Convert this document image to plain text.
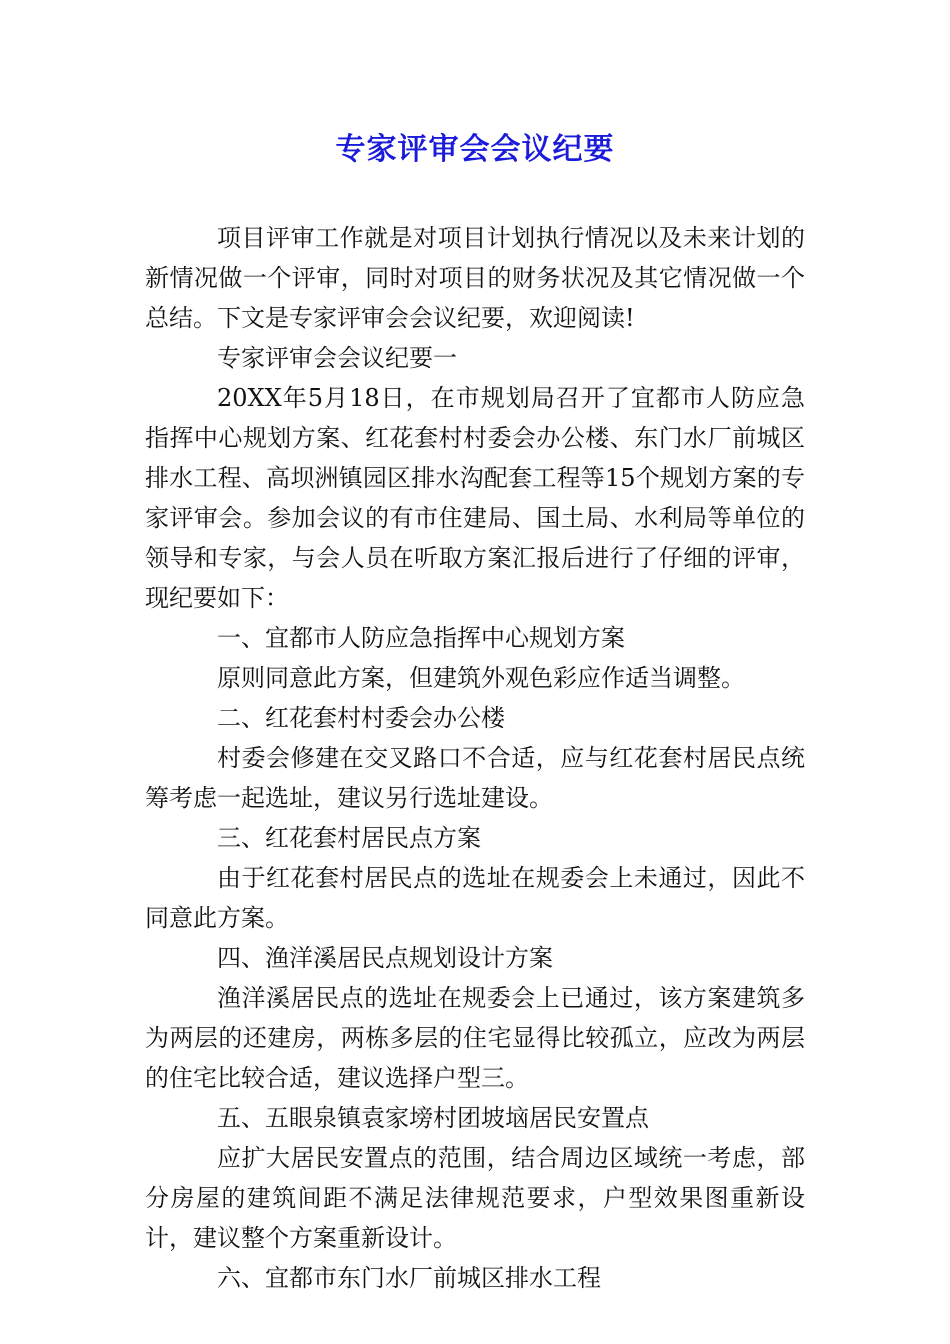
专家评审会会议纪要

项目评审工作就是对项目计划执行情况以及未来计划的新情况做一个评审，同时对项目的财务状况及其它情况做一个总结。下文是专家评审会会议纪要，欢迎阅读!

专家评审会会议纪要一

20XX年5月18日，在市规划局召开了宜都市人防应急指挥中心规划方案、红花套村村委会办公楼、东门水厂前城区排水工程、高坝洲镇园区排水沟配套工程等15个规划方案的专家评审会。参加会议的有市住建局、国土局、水利局等单位的领导和专家，与会人员在听取方案汇报后进行了仔细的评审，现纪要如下：

一、宜都市人防应急指挥中心规划方案

原则同意此方案，但建筑外观色彩应作适当调整。

二、红花套村村委会办公楼

村委会修建在交叉路口不合适，应与红花套村居民点统筹考虑一起选址，建议另行选址建设。

三、红花套村居民点方案

由于红花套村居民点的选址在规委会上未通过，因此不同意此方案。

四、渔洋溪居民点规划设计方案

渔洋溪居民点的选址在规委会上已通过，该方案建筑多为两层的还建房，两栋多层的住宅显得比较孤立，应改为两层的住宅比较合适，建议选择户型三。

五、五眼泉镇袁家塝村团坡垴居民安置点

应扩大居民安置点的范围，结合周边区域统一考虑，部分房屋的建筑间距不满足法律规范要求，户型效果图重新设计，建议整个方案重新设计。

六、宜都市东门水厂前城区排水工程
